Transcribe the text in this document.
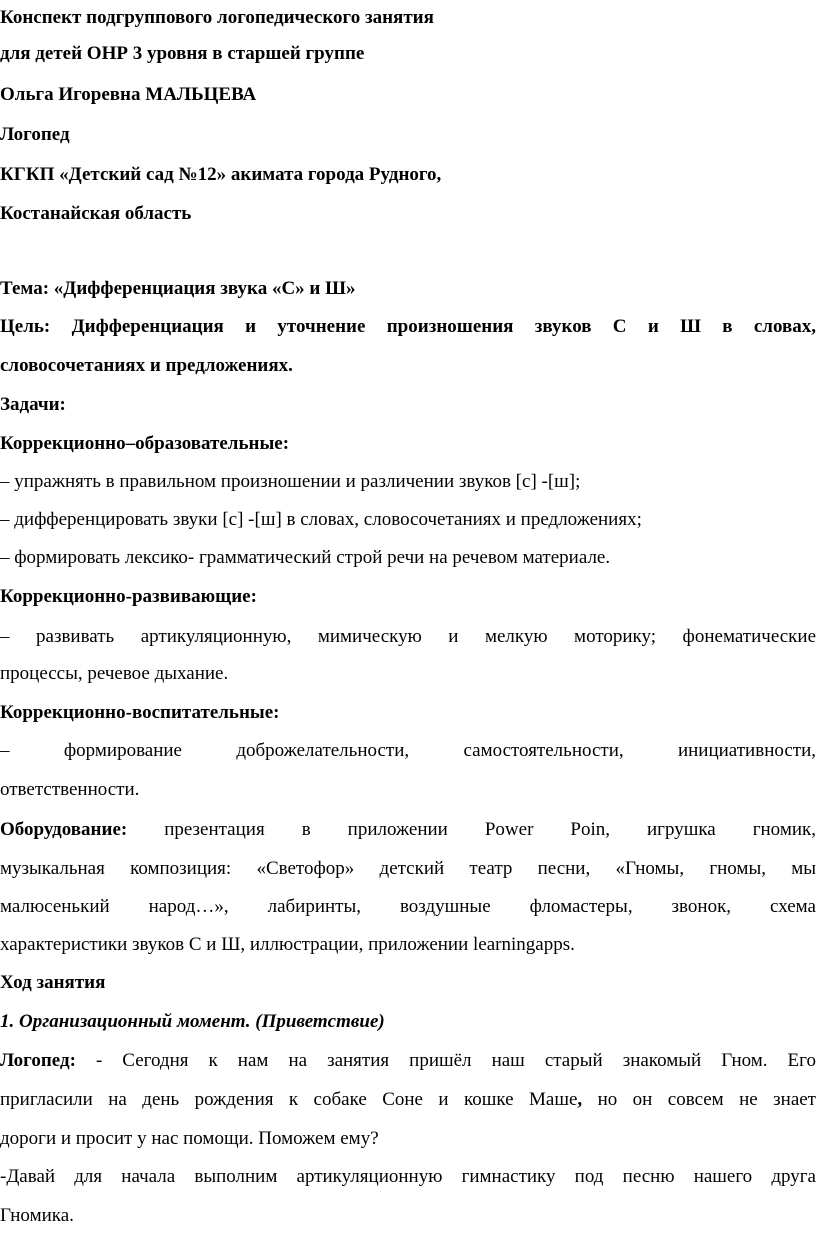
Конспект подгруппового логопедического занятия
для детей ОНР 3 уровня в старшей группе
Ольга Игоревна МАЛЬЦЕВА
Логопед
КГКП «Детский сад №12» акимата города Рудного,
Костанайская область
Тема: «Дифференциация звука «С» и Ш»
Цель: Дифференциация и уточнение произношения звуков С и Ш в словах,
словосочетаниях и предложениях.
Задачи:
Коррекционно–образовательные:
– упражнять в правильном произношении и различении звуков [с] -[ш];
– дифференцировать звуки [с] -[ш] в словах, словосочетаниях и предложениях;
– формировать лексико- грамматический строй речи на речевом материале.
Коррекционно-развивающие:
– развивать артикуляционную, мимическую и мелкую моторику; фонематические
процессы, речевое дыхание.
Коррекционно-воспитательные:
– формирование доброжелательности, самостоятельности, инициативности,
ответственности.
Оборудование: презентация в приложении Power Poin, игрушка гномик,
музыкальная композиция: «Светофор» детский театр песни, «Гномы, гномы, мы
малюсенький народ…», лабиринты, воздушные фломастеры, звонок, схема
характеристики звуков С и Ш, иллюстрации, приложении learningapps.
Ход занятия
1. Организационный момент. (Приветствие)
Логопед: - Сегодня к нам на занятия пришёл наш старый знакомый Гном. Его
пригласили на день рождения к собаке Соне и кошке Маше, но он совсем не знает
дороги и просит у нас помощи. Поможем ему?
-Давай для начала выполним артикуляционную гимнастику под песню нашего друга
Гномика.
